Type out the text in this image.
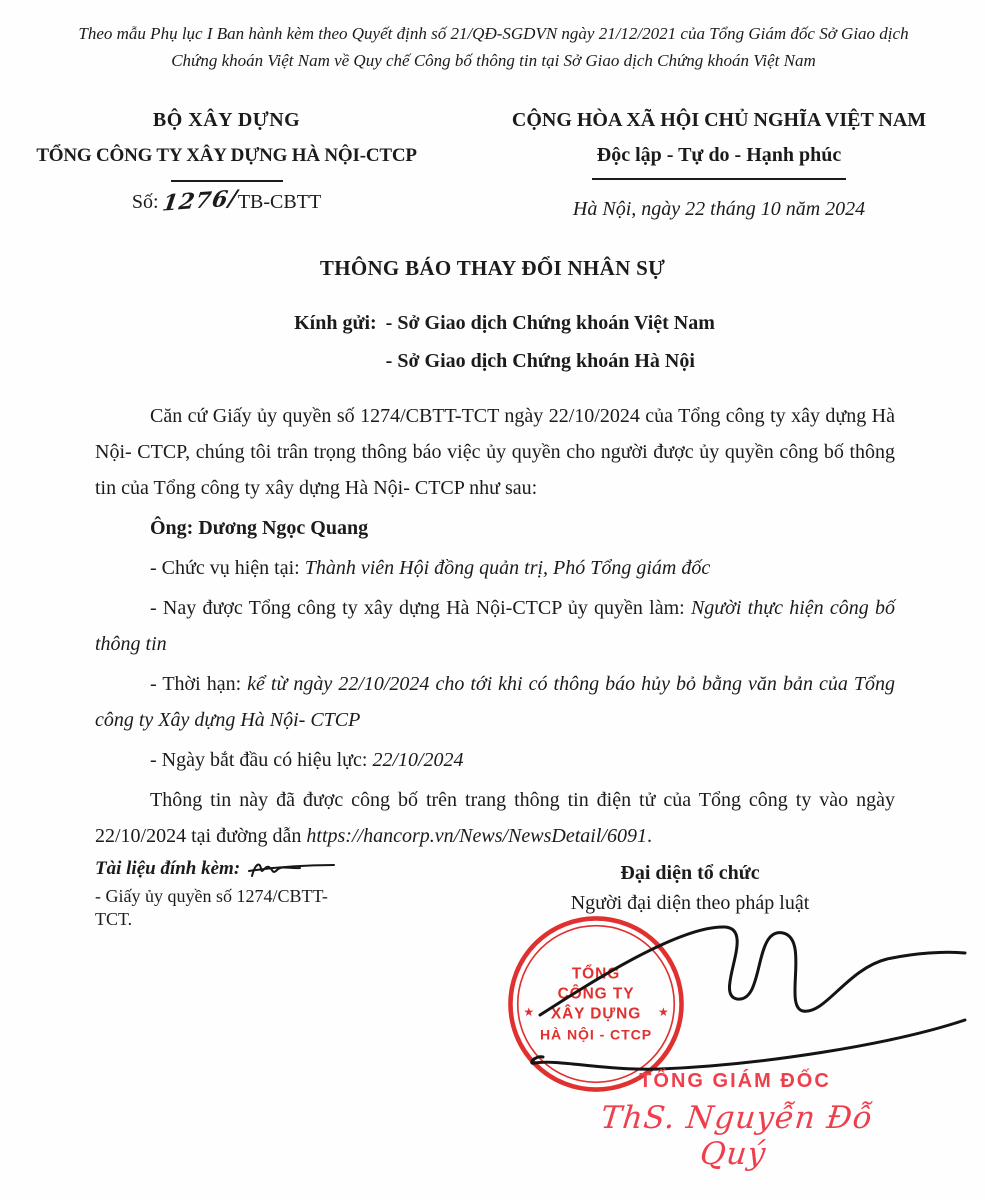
Theo mẫu Phụ lục I Ban hành kèm theo Quyết định số 21/QĐ-SGDVN ngày 21/12/2021 của Tổng Giám đốc Sở Giao dịch Chứng khoán Việt Nam về Quy chế Công bố thông tin tại Sở Giao dịch Chứng khoán Việt Nam
BỘ XÂY DỰNG
TỔNG CÔNG TY XÂY DỰNG HÀ NỘI-CTCP
Số:1276/TB-CBTT
CỘNG HÒA XÃ HỘI CHỦ NGHĨA VIỆT NAM
Độc lập - Tự do - Hạnh phúc
Hà Nội, ngày 22 tháng 10 năm 2024
THÔNG BÁO THAY ĐỔI NHÂN SỰ
Kính gửi: - Sở Giao dịch Chứng khoán Việt Nam
- Sở Giao dịch Chứng khoán Hà Nội

Căn cứ Giấy ủy quyền số 1274/CBTT-TCT ngày 22/10/2024 của Tổng công ty xây dựng Hà Nội- CTCP, chúng tôi trân trọng thông báo việc ủy quyền cho người được ủy quyền công bố thông tin của Tổng công ty xây dựng Hà Nội- CTCP như sau:

Ông: Dương Ngọc Quang

- Chức vụ hiện tại: Thành viên Hội đồng quản trị, Phó Tổng giám đốc

- Nay được Tổng công ty xây dựng Hà Nội-CTCP ủy quyền làm: Người thực hiện công bố thông tin

- Thời hạn: kể từ ngày 22/10/2024 cho tới khi có thông báo hủy bỏ bằng văn bản của Tổng công ty Xây dựng Hà Nội- CTCP

- Ngày bắt đầu có hiệu lực: 22/10/2024

Thông tin này đã được công bố trên trang thông tin điện tử của Tổng công ty vào ngày 22/10/2024 tại đường dẫn https://hancorp.vn/News/NewsDetail/6091.

Tài liệu đính kèm:
- Giấy ủy quyền số 1274/CBTT-TCT.
Đại diện tổ chức
Người đại diện theo pháp luật
★	★
TỔNG
CÔNG TY
XÂY DỰNG
HÀ NỘI - CTCP
TỔNG GIÁM ĐỐC
ThS. Nguyễn Đỗ Quý
